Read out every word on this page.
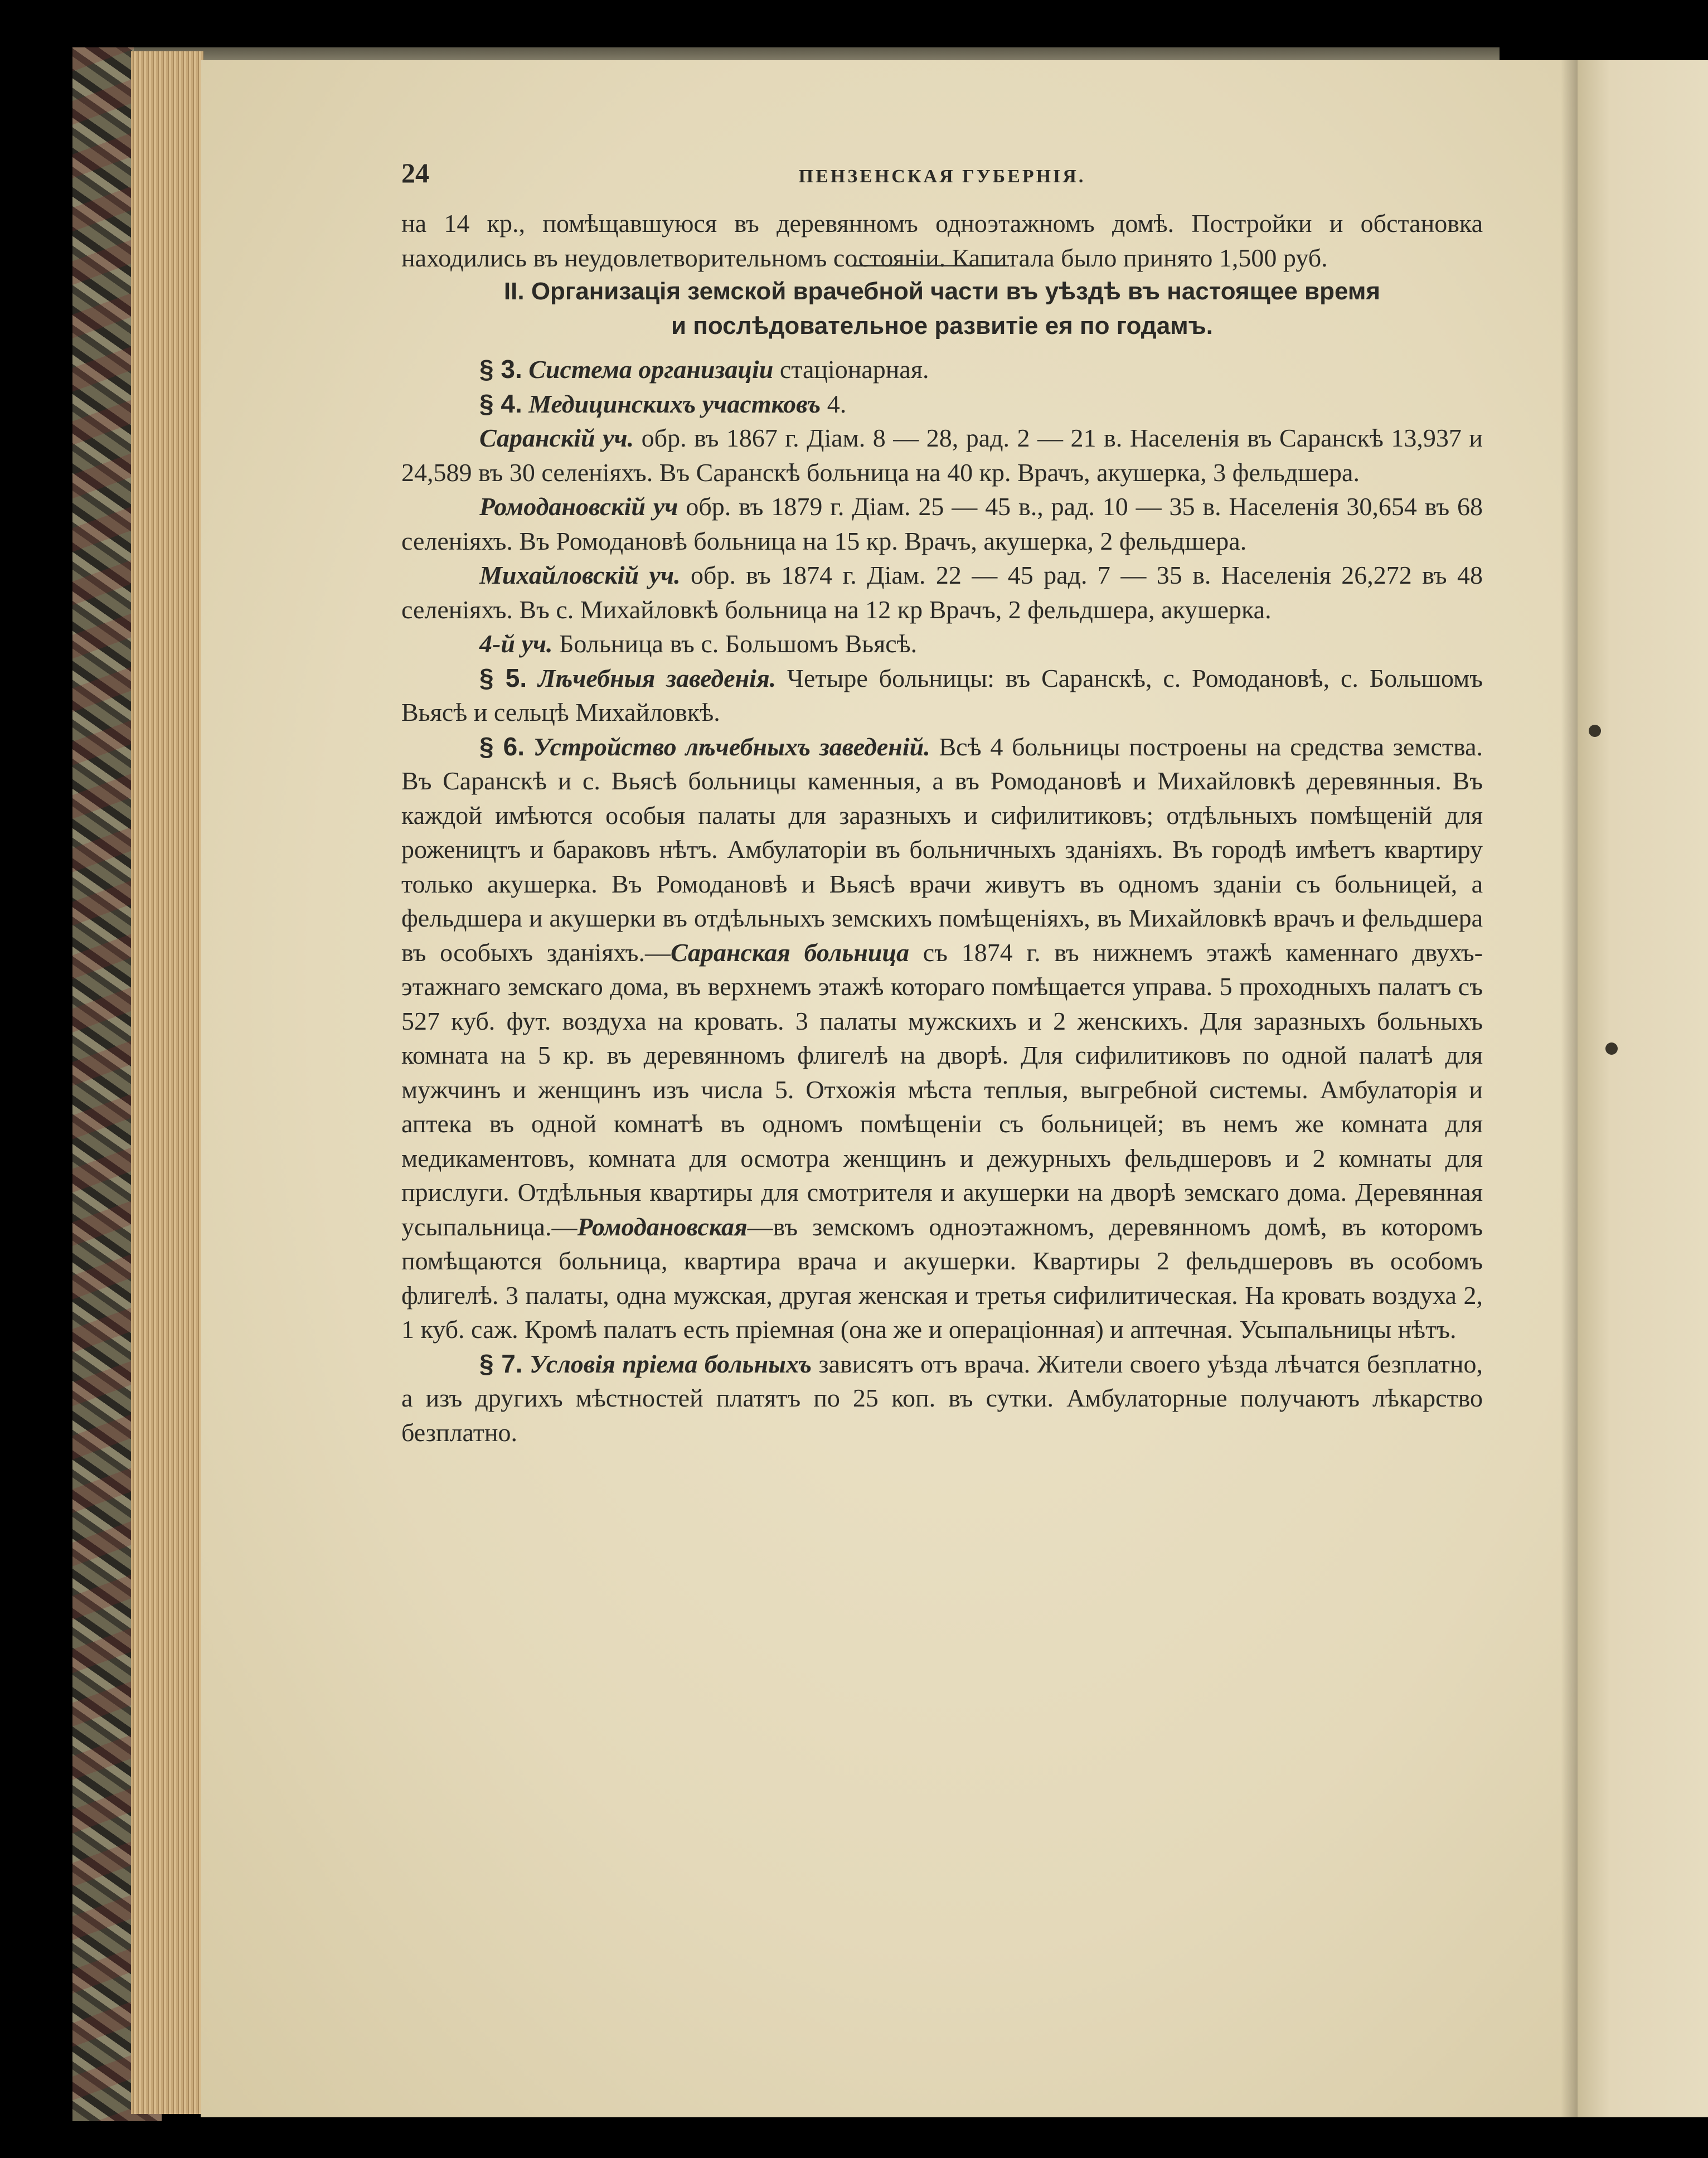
24	ПЕНЗЕНСКАЯ ГУБЕРНІЯ.

на 14 кр., помѣщавшуюся въ деревянномъ одноэтажномъ домѣ. Постройки и обстановка находились въ неудовлетворительномъ состояніи. Капитала было принято 1,500 руб.

II. Организація земской врачебной части въ уѣздѣ въ настоящее время
и послѣдовательное развитіе ея по годамъ.

§ 3. Система организаціи стаціонарная.

§ 4. Медицинскихъ участковъ 4.

Саранскій уч. обр. въ 1867 г. Діам. 8 — 28, рад. 2 — 21 в. Населенія въ Саранскѣ 13,937 и 24,589 въ 30 селеніяхъ. Въ Саранскѣ больница на 40 кр. Врачъ, акушерка, 3 фельдшера.

Ромодановскій уч обр. въ 1879 г. Діам. 25 — 45 в., рад. 10 — 35 в. Населенія 30,654 въ 68 селеніяхъ. Въ Ромодановѣ больница на 15 кр. Врачъ, акушерка, 2 фельдшера.

Михайловскій уч. обр. въ 1874 г. Діам. 22 — 45 рад. 7 — 35 в. Населенія 26,272 въ 48 селеніяхъ. Въ с. Михайловкѣ больница на 12 кр Врачъ, 2 фельдшера, акушерка.

4-й уч. Больница въ с. Большомъ Вьясѣ.

§ 5. Лѣчебныя заведенія. Четыре больницы: въ Саранскѣ, с. Ромодановѣ, с. Большомъ Вьясѣ и сельцѣ Михайловкѣ.

§ 6. Устройство лѣчебныхъ заведеній. Всѣ 4 больницы построены на средства земства. Въ Саранскѣ и с. Вьясѣ больницы каменныя, а въ Ромодановѣ и Михайловкѣ деревянныя. Въ каждой имѣются особыя палаты для заразныхъ и сифилитиковъ; отдѣльныхъ помѣщеній для рожеництъ и бараковъ нѣтъ. Амбулаторіи въ больничныхъ зданіяхъ. Въ городѣ имѣетъ квартиру только акушерка. Въ Ромодановѣ и Вьясѣ врачи живутъ въ одномъ зданіи съ больницей, а фельдшера и акушерки въ отдѣльныхъ земскихъ помѣщеніяхъ, въ Михайловкѣ врачъ и фельдшера въ особыхъ зданіяхъ.—Саранская больница съ 1874 г. въ нижнемъ этажѣ каменнаго двухъ-этажнаго земскаго дома, въ верхнемъ этажѣ котораго помѣщается управа. 5 проходныхъ палатъ съ 527 куб. фут. воздуха на кровать. 3 палаты мужскихъ и 2 женскихъ. Для заразныхъ больныхъ комната на 5 кр. въ деревянномъ флигелѣ на дворѣ. Для сифилитиковъ по одной палатѣ для мужчинъ и женщинъ изъ числа 5. Отхожія мѣста теплыя, выгребной системы. Амбулаторія и аптека въ одной комнатѣ въ одномъ помѣщеніи съ больницей; въ немъ же комната для медикаментовъ, комната для осмотра женщинъ и дежурныхъ фельдшеровъ и 2 комнаты для прислуги. Отдѣльныя квартиры для смотрителя и акушерки на дворѣ земскаго дома. Деревянная усыпальница.—Ромодановская—въ земскомъ одноэтажномъ, деревянномъ домѣ, въ которомъ помѣщаются больница, квартира врача и акушерки. Квартиры 2 фельдшеровъ въ особомъ флигелѣ. 3 палаты, одна мужская, другая женская и третья сифилитическая. На кровать воздуха 2, 1 куб. саж. Кромѣ палатъ есть пріемная (она же и операціонная) и аптечная. Усыпальницы нѣтъ.

§ 7. Условія пріема больныхъ зависятъ отъ врача. Жители своего уѣзда лѣчатся безплатно, а изъ другихъ мѣстностей платятъ по 25 коп. въ сутки. Амбулаторные получаютъ лѣкарство безплатно.
